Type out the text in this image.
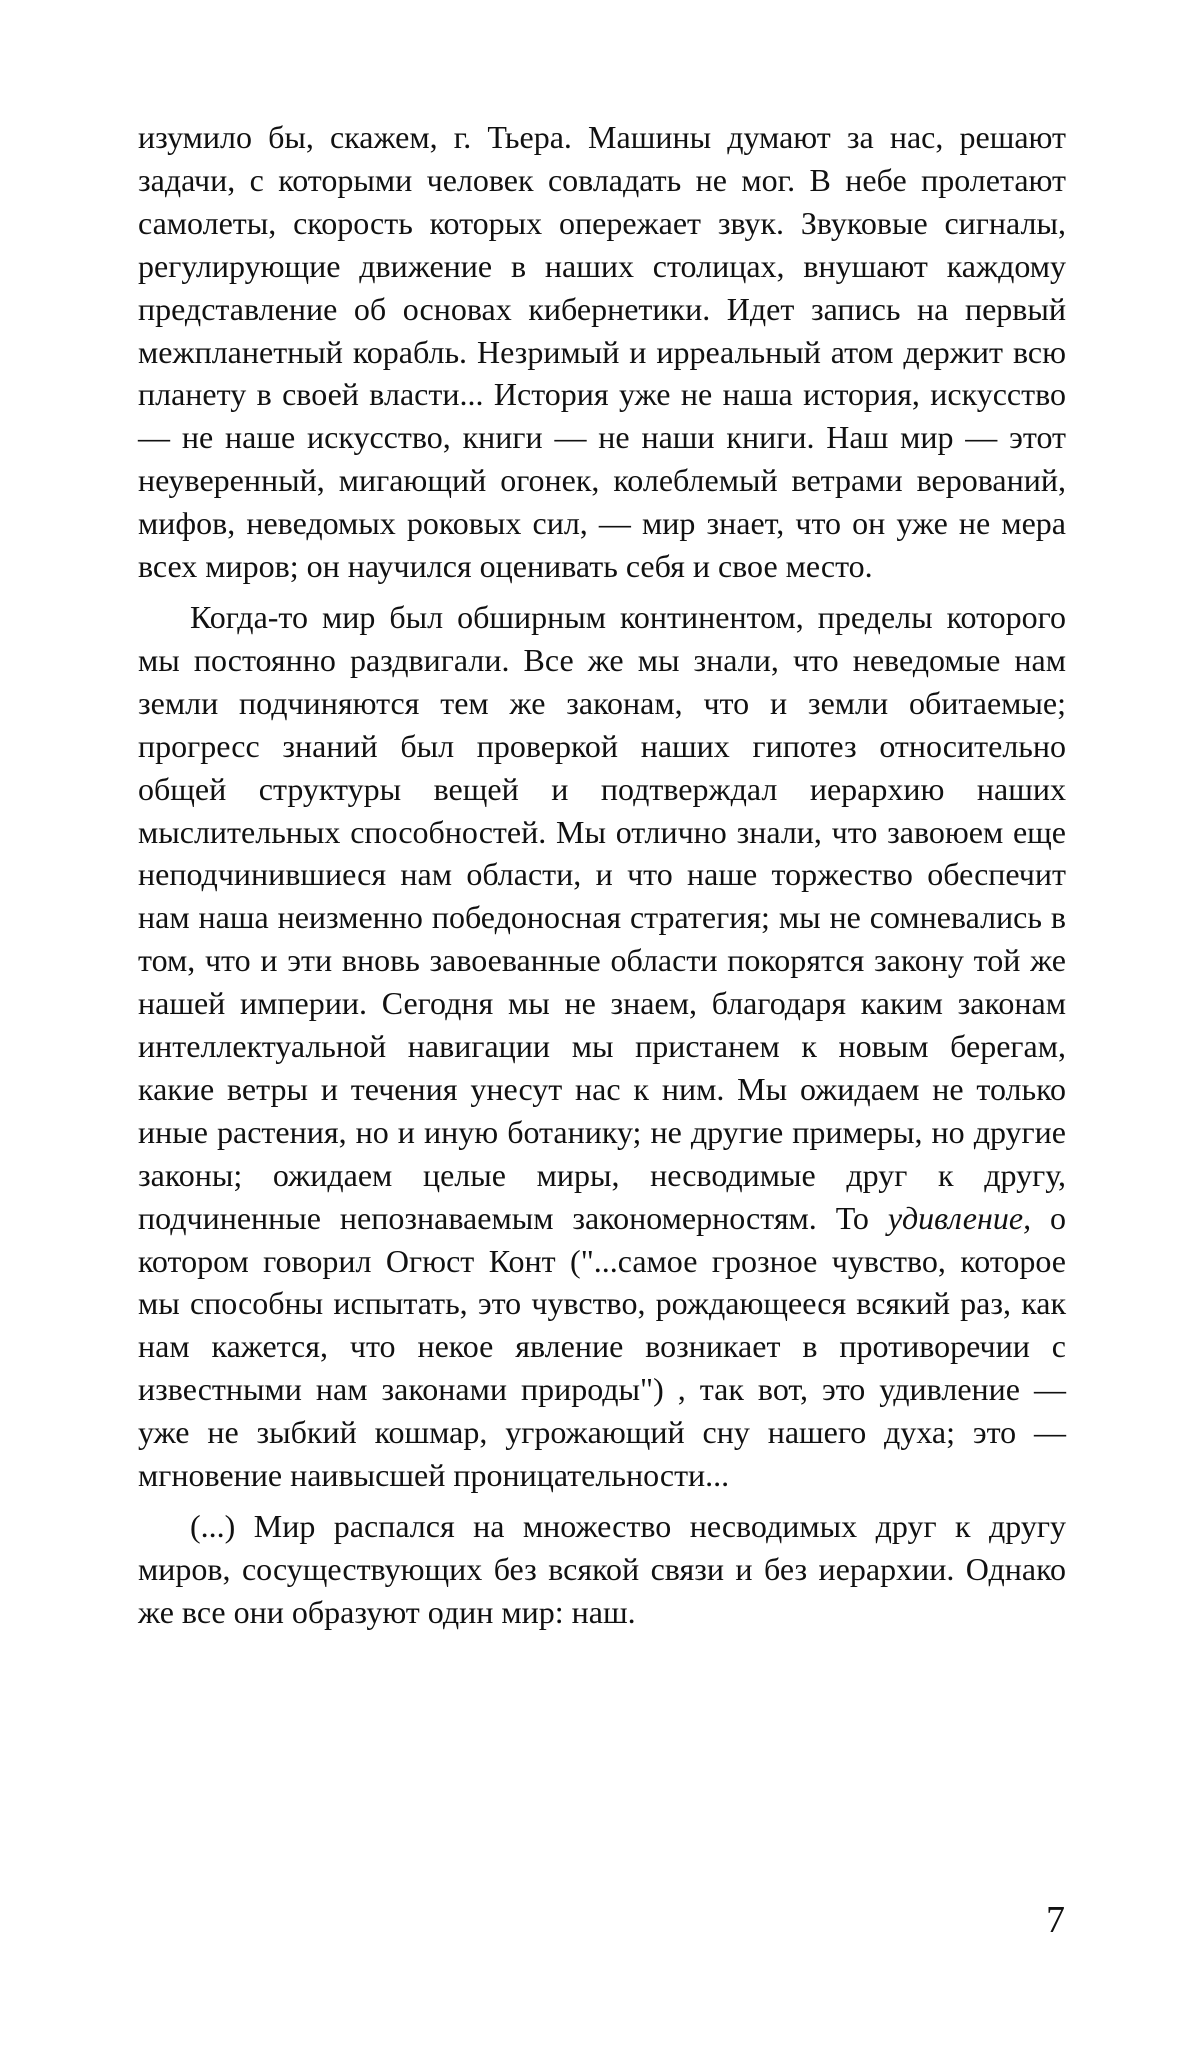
изумило бы, скажем, г. Тьера. Машины думают за нас, решают задачи, с которыми человек совладать не мог. В небе пролетают самолеты, скорость которых опережает звук. Звуковые сигналы, регулирующие движение в наших столицах, внушают каждому представление об основах кибернетики. Идет запись на первый межпланетный корабль. Незримый и ирреальный атом держит всю планету в своей власти... История уже не наша история, искусство — не наше искусство, книги — не наши книги. Наш мир — этот неуверенный, мигающий огонек, колеблемый ветрами верований, мифов, неведомых роковых сил, — мир знает, что он уже не мера всех миров; он научился оценивать себя и свое место.

Когда-то мир был обширным континентом, пределы которого мы постоянно раздвигали. Все же мы знали, что неведомые нам земли подчиняются тем же законам, что и земли обитаемые; прогресс знаний был проверкой наших гипотез относительно общей структуры вещей и подтверждал иерархию наших мыслительных способностей. Мы отлично знали, что завоюем еще неподчинившиеся нам области, и что наше торжество обеспечит нам наша неизменно победоносная стратегия; мы не сомневались в том, что и эти вновь завоеванные области покорятся закону той же нашей империи. Сегодня мы не знаем, благодаря каким законам интеллектуальной навигации мы пристанем к новым берегам, какие ветры и течения унесут нас к ним. Мы ожидаем не только иные растения, но и иную ботанику; не другие примеры, но другие законы; ожидаем целые миры, несводимые друг к другу, подчиненные непознаваемым закономерностям. То удивление, о котором говорил Огюст Конт ("...самое грозное чувство, которое мы способны испытать, это чувство, рождающееся всякий раз, как нам кажется, что некое явление возникает в противоречии с известными нам законами природы") , так вот, это удивление — уже не зыбкий кошмар, угрожающий сну нашего духа; это — мгновение наивысшей проницательности...

(...) Мир распался на множество несводимых друг к другу миров, сосуществующих без всякой связи и без иерархии. Однако же все они образуют один мир: наш.

7
